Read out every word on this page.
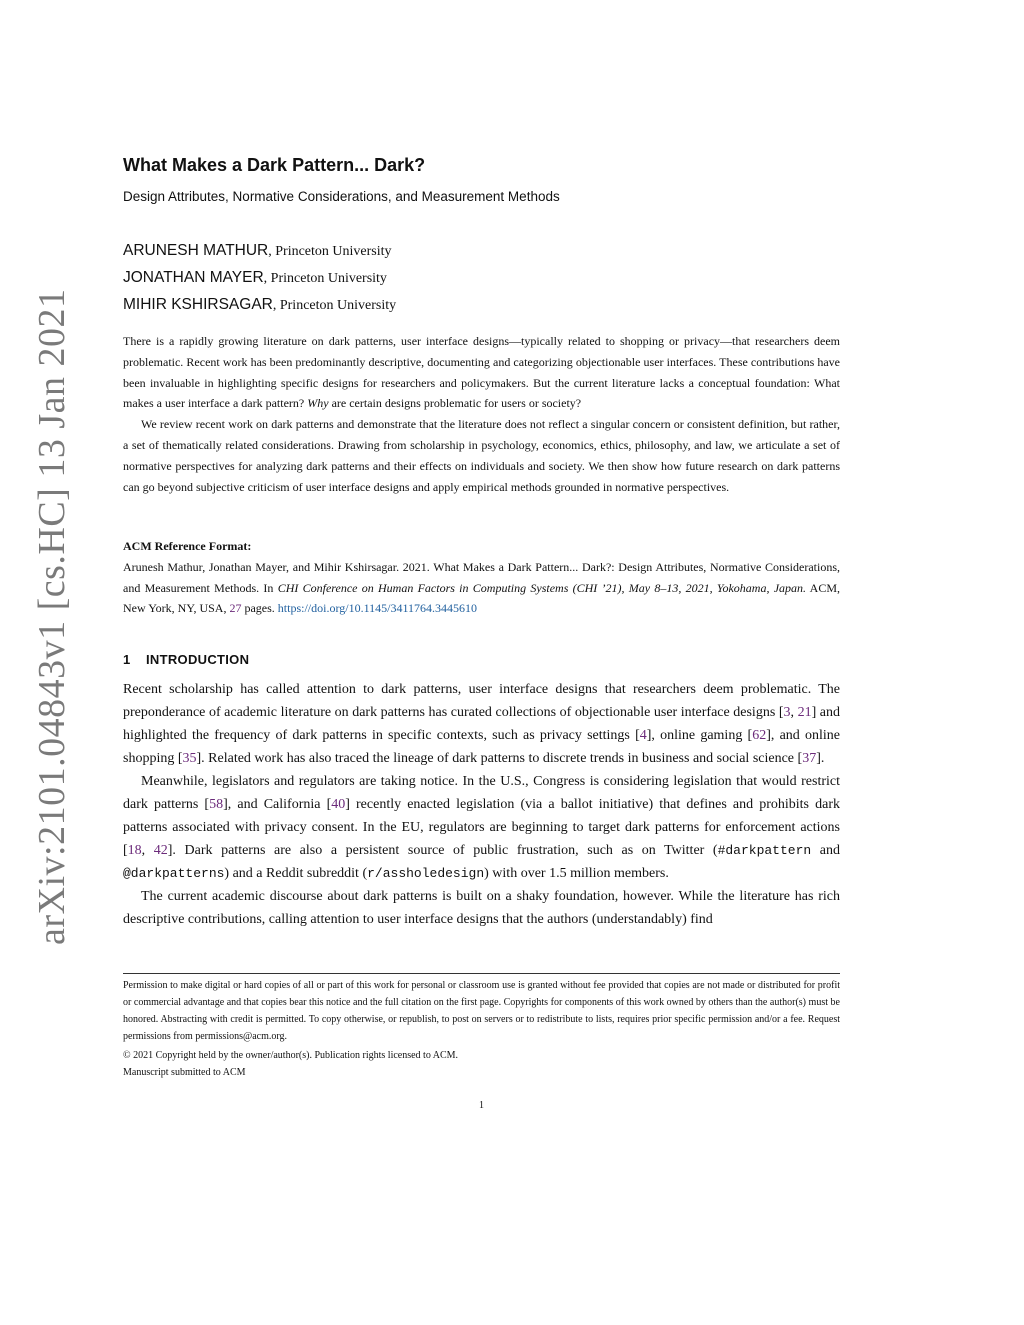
arXiv:2101.04843v1 [cs.HC] 13 Jan 2021
What Makes a Dark Pattern... Dark?
Design Attributes, Normative Considerations, and Measurement Methods
ARUNESH MATHUR, Princeton University
JONATHAN MAYER, Princeton University
MIHIR KSHIRSAGAR, Princeton University

There is a rapidly growing literature on dark patterns, user interface designs—typically related to shopping or privacy—that researchers deem problematic. Recent work has been predominantly descriptive, documenting and categorizing objectionable user interfaces. These contributions have been invaluable in highlighting specific designs for researchers and policymakers. But the current literature lacks a conceptual foundation: What makes a user interface a dark pattern? Why are certain designs problematic for users or society?

We review recent work on dark patterns and demonstrate that the literature does not reflect a singular concern or consistent definition, but rather, a set of thematically related considerations. Drawing from scholarship in psychology, economics, ethics, philosophy, and law, we articulate a set of normative perspectives for analyzing dark patterns and their effects on individuals and society. We then show how future research on dark patterns can go beyond subjective criticism of user interface designs and apply empirical methods grounded in normative perspectives.

ACM Reference Format:

Arunesh Mathur, Jonathan Mayer, and Mihir Kshirsagar. 2021. What Makes a Dark Pattern... Dark?: Design Attributes, Normative Considerations, and Measurement Methods. In CHI Conference on Human Factors in Computing Systems (CHI ’21), May 8–13, 2021, Yokohama, Japan. ACM, New York, NY, USA, 27 pages. https://doi.org/10.1145/3411764.3445610

1 INTRODUCTION

Recent scholarship has called attention to dark patterns, user interface designs that researchers deem problematic. The preponderance of academic literature on dark patterns has curated collections of objectionable user interface designs [3, 21] and highlighted the frequency of dark patterns in specific contexts, such as privacy settings [4], online gaming [62], and online shopping [35]. Related work has also traced the lineage of dark patterns to discrete trends in business and social science [37].

Meanwhile, legislators and regulators are taking notice. In the U.S., Congress is considering legislation that would restrict dark patterns [58], and California [40] recently enacted legislation (via a ballot initiative) that defines and prohibits dark patterns associated with privacy consent. In the EU, regulators are beginning to target dark patterns for enforcement actions [18, 42]. Dark patterns are also a persistent source of public frustration, such as on Twitter (#darkpattern and @darkpatterns) and a Reddit subreddit (r/assholedesign) with over 1.5 million members.

The current academic discourse about dark patterns is built on a shaky foundation, however. While the literature has rich descriptive contributions, calling attention to user interface designs that the authors (understandably) find

Permission to make digital or hard copies of all or part of this work for personal or classroom use is granted without fee provided that copies are not made or distributed for profit or commercial advantage and that copies bear this notice and the full citation on the first page. Copyrights for components of this work owned by others than the author(s) must be honored. Abstracting with credit is permitted. To copy otherwise, or republish, to post on servers or to redistribute to lists, requires prior specific permission and/or a fee. Request permissions from permissions@acm.org.

© 2021 Copyright held by the owner/author(s). Publication rights licensed to ACM.

Manuscript submitted to ACM

1
